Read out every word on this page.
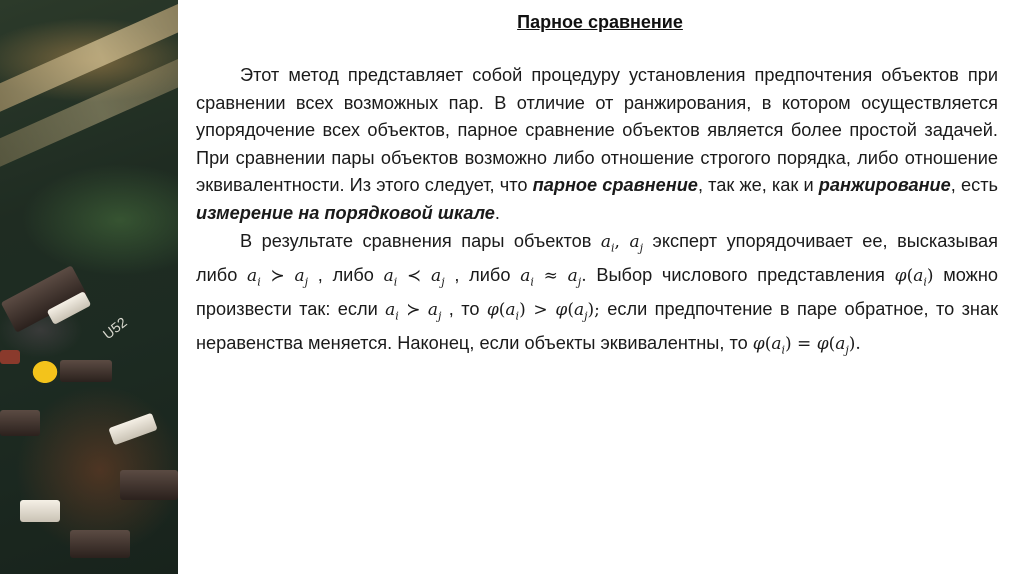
U52
Парное сравнение

Этот метод представляет собой процедуру установления предпочтения объектов при сравнении всех возможных пар. В отличие от ранжирования, в котором осуществляется упорядочение всех объектов, парное сравнение объектов является более простой задачей. При сравнении пары объектов возможно либо отношение строгого порядка, либо отношение эквивалентности. Из этого следует, что парное сравнение, так же, как и ранжирование, есть измерение на порядковой шкале.

В результате сравнения пары объектов $a_i$, $a_j$ эксперт упорядочивает ее, высказывая либо $a_i$ ≻ $a_j$ , либо $a_i$ ≺ $a_j$ , либо $a_i \approx a_j$. Выбор числового представления $\varphi(a_i)$ можно произвести так: если $a_i$ ≻ $a_j$ , то $\varphi(a_i) > \varphi(a_j)$; если предпочтение в паре обратное, то знак неравенства меняется. Наконец, если объекты эквивалентны, то $\varphi(a_i) = \varphi(a_j)$.
